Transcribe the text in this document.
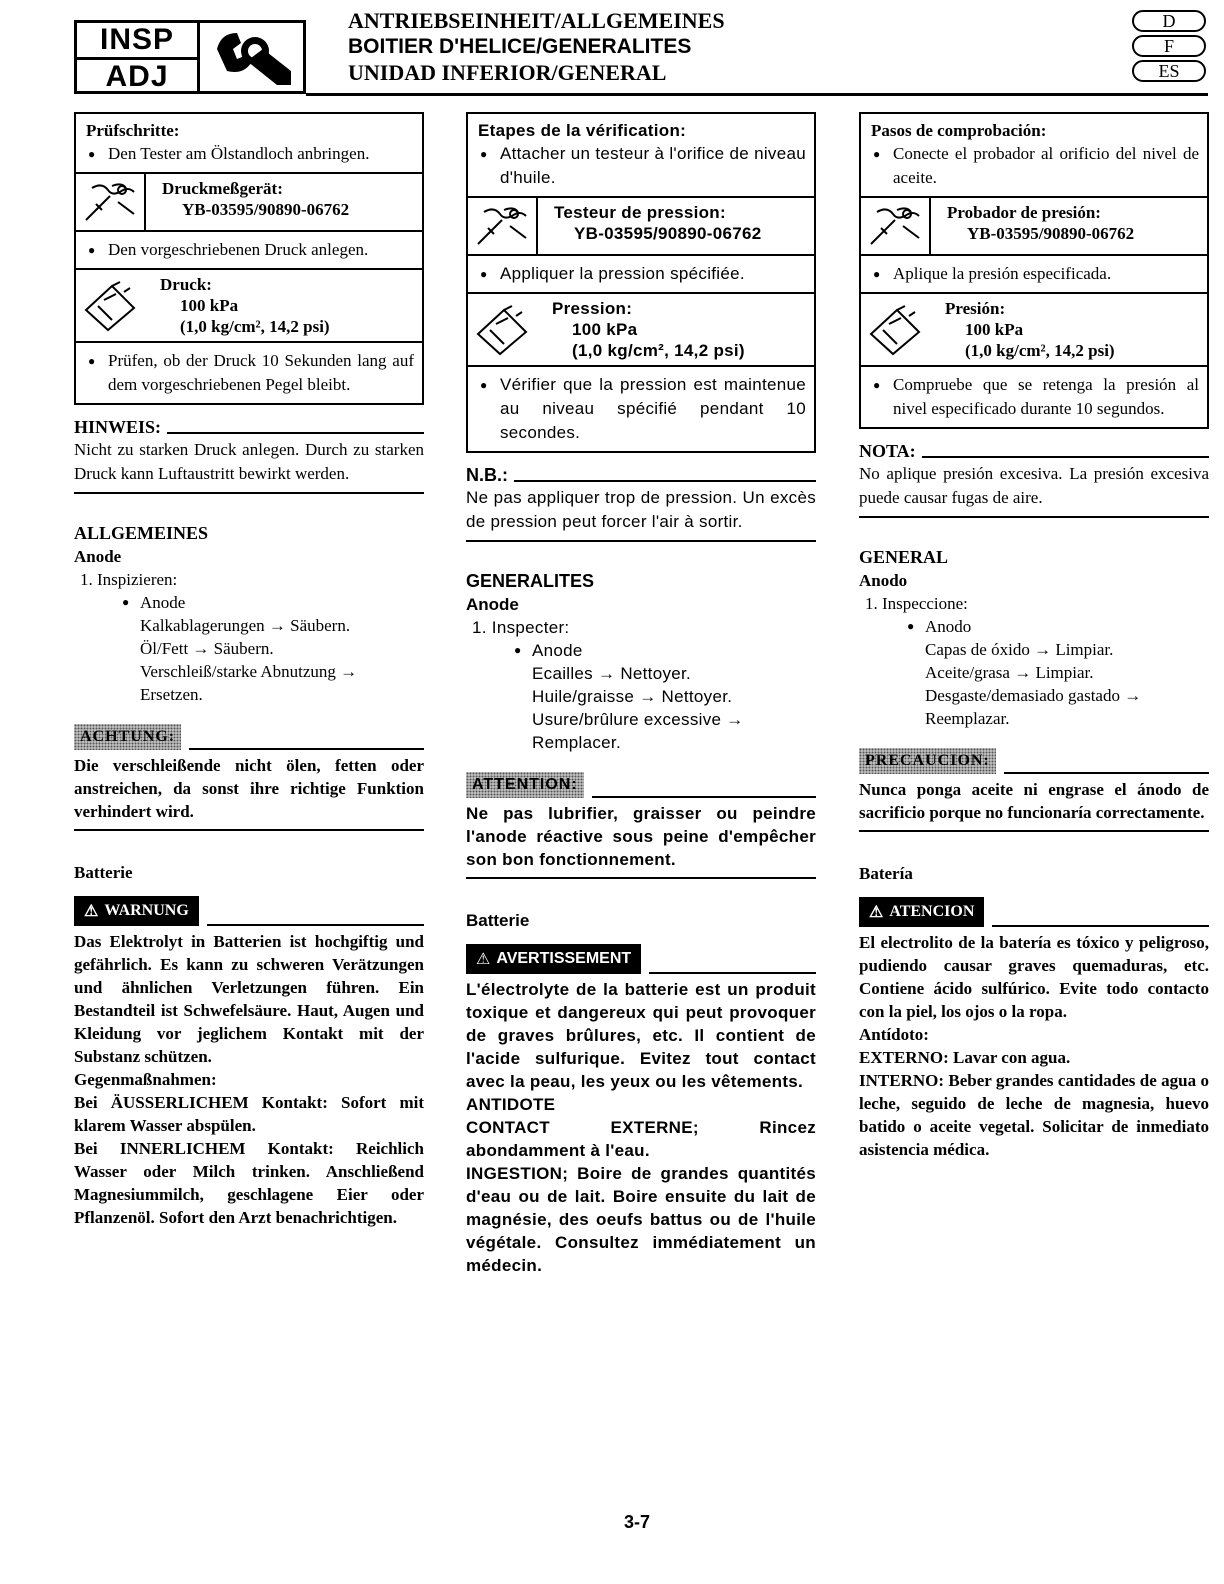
INSP
ADJ
ANTRIEBSEINHEIT/ALLGEMEINES
BOITIER D'HELICE/GENERALITES
UNIDAD INFERIOR/GENERAL
D
F
ES
Prüfschritte:
● Den Tester am Ölstandloch anbringen.
Druckmeßgerät:
YB-03595/90890-06762
● Den vorgeschriebenen Druck anlegen.
Druck:
100 kPa
(1,0 kg/cm², 14,2 psi)
● Prüfen, ob der Druck 10 Sekunden lang auf dem vorgeschriebenen Pegel bleibt.
HINWEIS:
Nicht zu starken Druck anlegen. Durch zu starken Druck kann Luftaustritt bewirkt werden.
ALLGEMEINES
Anode
1. Inspizieren:
● Anode
Kalkablagerungen → Säubern.
Öl/Fett → Säubern.
Verschleiß/starke Abnutzung →
Ersetzen.
ACHTUNG:
Die verschleißende nicht ölen, fetten oder anstreichen, da sonst ihre richtige Funktion verhindert wird.
Batterie
⚠ WARNUNG
Das Elektrolyt in Batterien ist hochgiftig und gefährlich. Es kann zu schweren Verätzungen und ähnlichen Verletzungen führen. Ein Bestandteil ist Schwefelsäure. Haut, Augen und Kleidung vor jeglichem Kontakt mit der Substanz schützen.
Gegenmaßnahmen:
Bei ÄUSSERLICHEM Kontakt: Sofort mit klarem Wasser abspülen.
Bei INNERLICHEM Kontakt: Reichlich Wasser oder Milch trinken. Anschließend Magnesiummilch, geschlagene Eier oder Pflanzenöl. Sofort den Arzt benachrichtigen.
Etapes de la vérification:
● Attacher un testeur à l'orifice de niveau d'huile.
Testeur de pression:
YB-03595/90890-06762
● Appliquer la pression spécifiée.
Pression:
100 kPa
(1,0 kg/cm², 14,2 psi)
● Vérifier que la pression est maintenue au niveau spécifié pendant 10 secondes.
N.B.:
Ne pas appliquer trop de pression. Un excès de pression peut forcer l'air à sortir.
GENERALITES
Anode
1. Inspecter:
● Anode
Ecailles → Nettoyer.
Huile/graisse → Nettoyer.
Usure/brûlure excessive →
Remplacer.
ATTENTION:
Ne pas lubrifier, graisser ou peindre l'anode réactive sous peine d'empêcher son bon fonctionnement.
Batterie
⚠ AVERTISSEMENT
L'électrolyte de la batterie est un produit toxique et dangereux qui peut provoquer de graves brûlures, etc. Il contient de l'acide sulfurique. Evitez tout contact avec la peau, les yeux ou les vêtements.
ANTIDOTE
CONTACT EXTERNE; Rincez abondamment à l'eau.
INGESTION; Boire de grandes quantités d'eau ou de lait. Boire ensuite du lait de magnésie, des oeufs battus ou de l'huile végétale. Consultez immédiatement un médecin.
Pasos de comprobación:
● Conecte el probador al orificio del nivel de aceite.
Probador de presión:
YB-03595/90890-06762
● Aplique la presión especificada.
Presión:
100 kPa
(1,0 kg/cm², 14,2 psi)
● Compruebe que se retenga la presión al nivel especificado durante 10 segundos.
NOTA:
No aplique presión excesiva. La presión excesiva puede causar fugas de aire.
GENERAL
Anodo
1. Inspeccione:
● Anodo
Capas de óxido → Limpiar.
Aceite/grasa → Limpiar.
Desgaste/demasiado gastado →
Reemplazar.
PRECAUCION:
Nunca ponga aceite ni engrase el ánodo de sacrificio porque no funcionaría correctamente.
Batería
⚠ ATENCION
El electrolito de la batería es tóxico y peligroso, pudiendo causar graves quemaduras, etc. Contiene ácido sulfúrico. Evite todo contacto con la piel, los ojos o la ropa.
Antídoto:
EXTERNO: Lavar con agua.
INTERNO: Beber grandes cantidades de agua o leche, seguido de leche de magnesia, huevo batido o aceite vegetal. Solicitar de inmediato asistencia médica.
3-7
